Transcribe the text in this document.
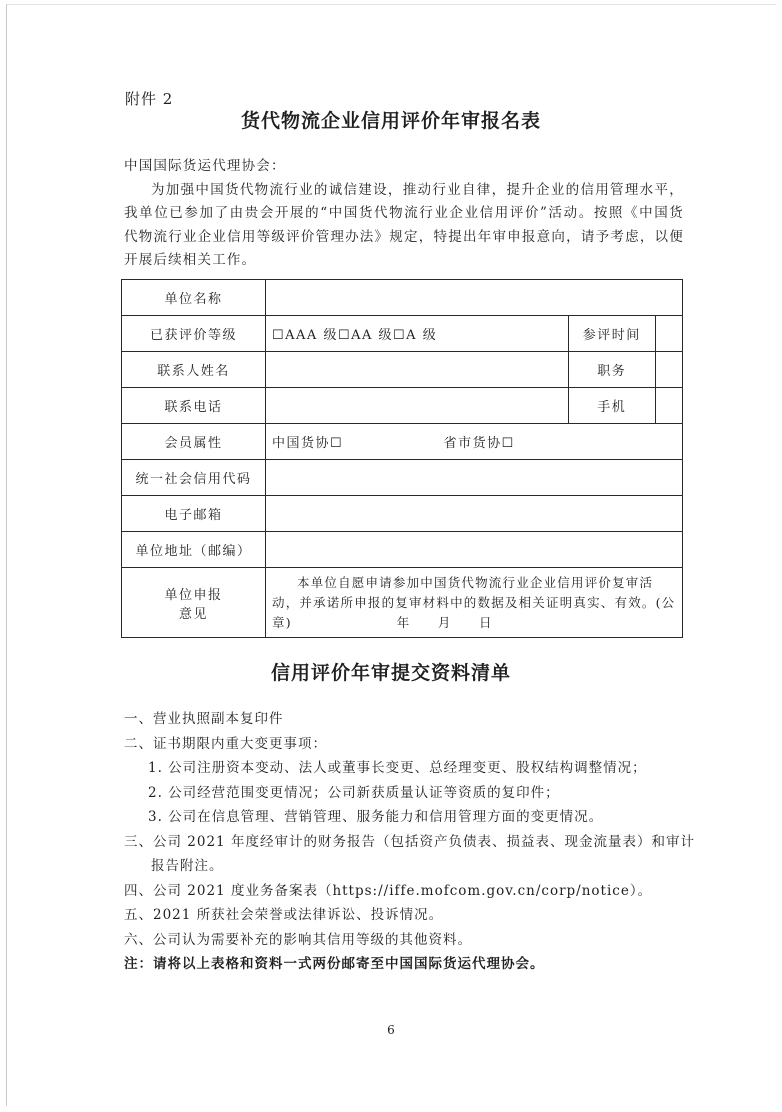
附件 2
货代物流企业信用评价年审报名表

中国国际货运代理协会：

为加强中国货代物流行业的诚信建设，推动行业自律，提升企业的信用管理水平，我单位已参加了由贵会开展的“中国货代物流行业企业信用评价”活动。按照《中国货代物流行业企业信用等级评价管理办法》规定，特提出年审申报意向，请予考虑，以便开展后续相关工作。

单位名称			
已获评价等级	☐AAA 级☐AA 级☐A 级	参评时间	
联系人姓名		职务	
联系电话		手机	
会员属性	中国货协☐ 省市货协☐		
统一社会信用代码			
电子邮箱			
单位地址（邮编）			

单位申报
意见	本单位自愿申请参加中国货代物流行业企业信用评价复审活动，并承诺所申报的复审材料中的数据及相关证明真实、有效。(公章) 年　　月　　日		
信用评价年审提交资料清单
一、营业执照副本复印件
二、证书期限内重大变更事项：
1. 公司注册资本变动、法人或董事长变更、总经理变更、股权结构调整情况；
2. 公司经营范围变更情况；公司新获质量认证等资质的复印件；
3. 公司在信息管理、营销管理、服务能力和信用管理方面的变更情况。
三、公司 2021 年度经审计的财务报告（包括资产负债表、损益表、现金流量表）和审计
报告附注。
四、公司 2021 度业务备案表（https://iffe.mofcom.gov.cn/corp/notice）。
五、2021 所获社会荣誉或法律诉讼、投诉情况。
六、公司认为需要补充的影响其信用等级的其他资料。
注：请将以上表格和资料一式两份邮寄至中国国际货运代理协会。
6
